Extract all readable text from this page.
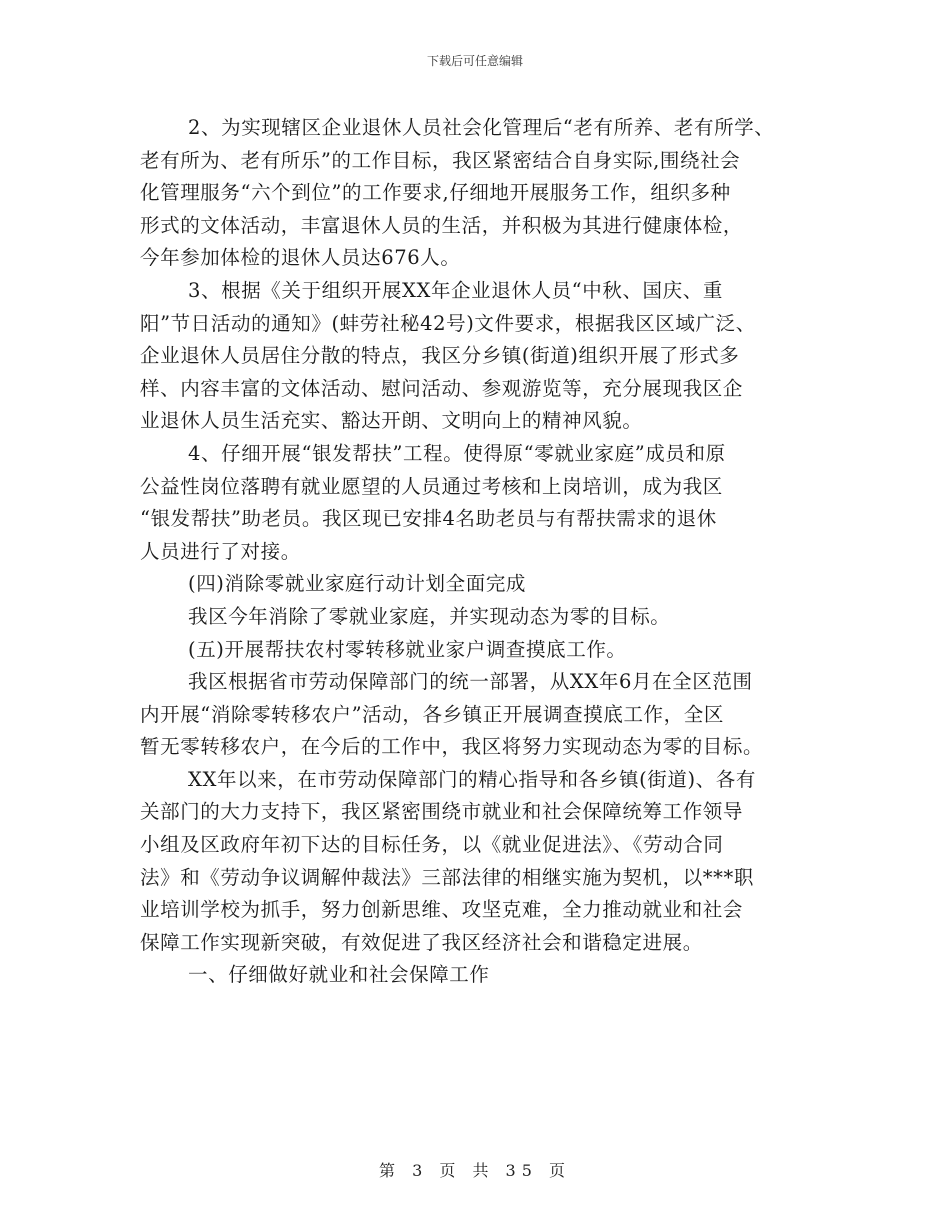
下载后可任意编辑
2、为实现辖区企业退休人员社会化管理后“老有所养、老有所学、
老有所为、老有所乐”的工作目标，我区紧密结合自身实际,围绕社会
化管理服务“六个到位”的工作要求,仔细地开展服务工作，组织多种
形式的文体活动，丰富退休人员的生活，并积极为其进行健康体检，
今年参加体检的退休人员达676人。
3、根据《关于组织开展XX年企业退休人员“中秋、国庆、重
阳”节日活动的通知》(蚌劳社秘42号)文件要求，根据我区区域广泛、
企业退休人员居住分散的特点，我区分乡镇(街道)组织开展了形式多
样、内容丰富的文体活动、慰问活动、参观游览等，充分展现我区企
业退休人员生活充实、豁达开朗、文明向上的精神风貌。
4、仔细开展“银发帮扶”工程。使得原“零就业家庭”成员和原
公益性岗位落聘有就业愿望的人员通过考核和上岗培训，成为我区
“银发帮扶”助老员。我区现已安排4名助老员与有帮扶需求的退休
人员进行了对接。
(四)消除零就业家庭行动计划全面完成
我区今年消除了零就业家庭，并实现动态为零的目标。
(五)开展帮扶农村零转移就业家户调查摸底工作。
我区根据省市劳动保障部门的统一部署，从XX年6月在全区范围
内开展“消除零转移农户”活动，各乡镇正开展调查摸底工作，全区
暂无零转移农户，在今后的工作中，我区将努力实现动态为零的目标。
XX年以来，在市劳动保障部门的精心指导和各乡镇(街道)、各有
关部门的大力支持下，我区紧密围绕市就业和社会保障统筹工作领导
小组及区政府年初下达的目标任务，以《就业促进法》、《劳动合同
法》和《劳动争议调解仲裁法》三部法律的相继实施为契机，以***职
业培训学校为抓手，努力创新思维、攻坚克难，全力推动就业和社会
保障工作实现新突破，有效促进了我区经济社会和谐稳定进展。
一、仔细做好就业和社会保障工作
第 3 页 共 35 页
